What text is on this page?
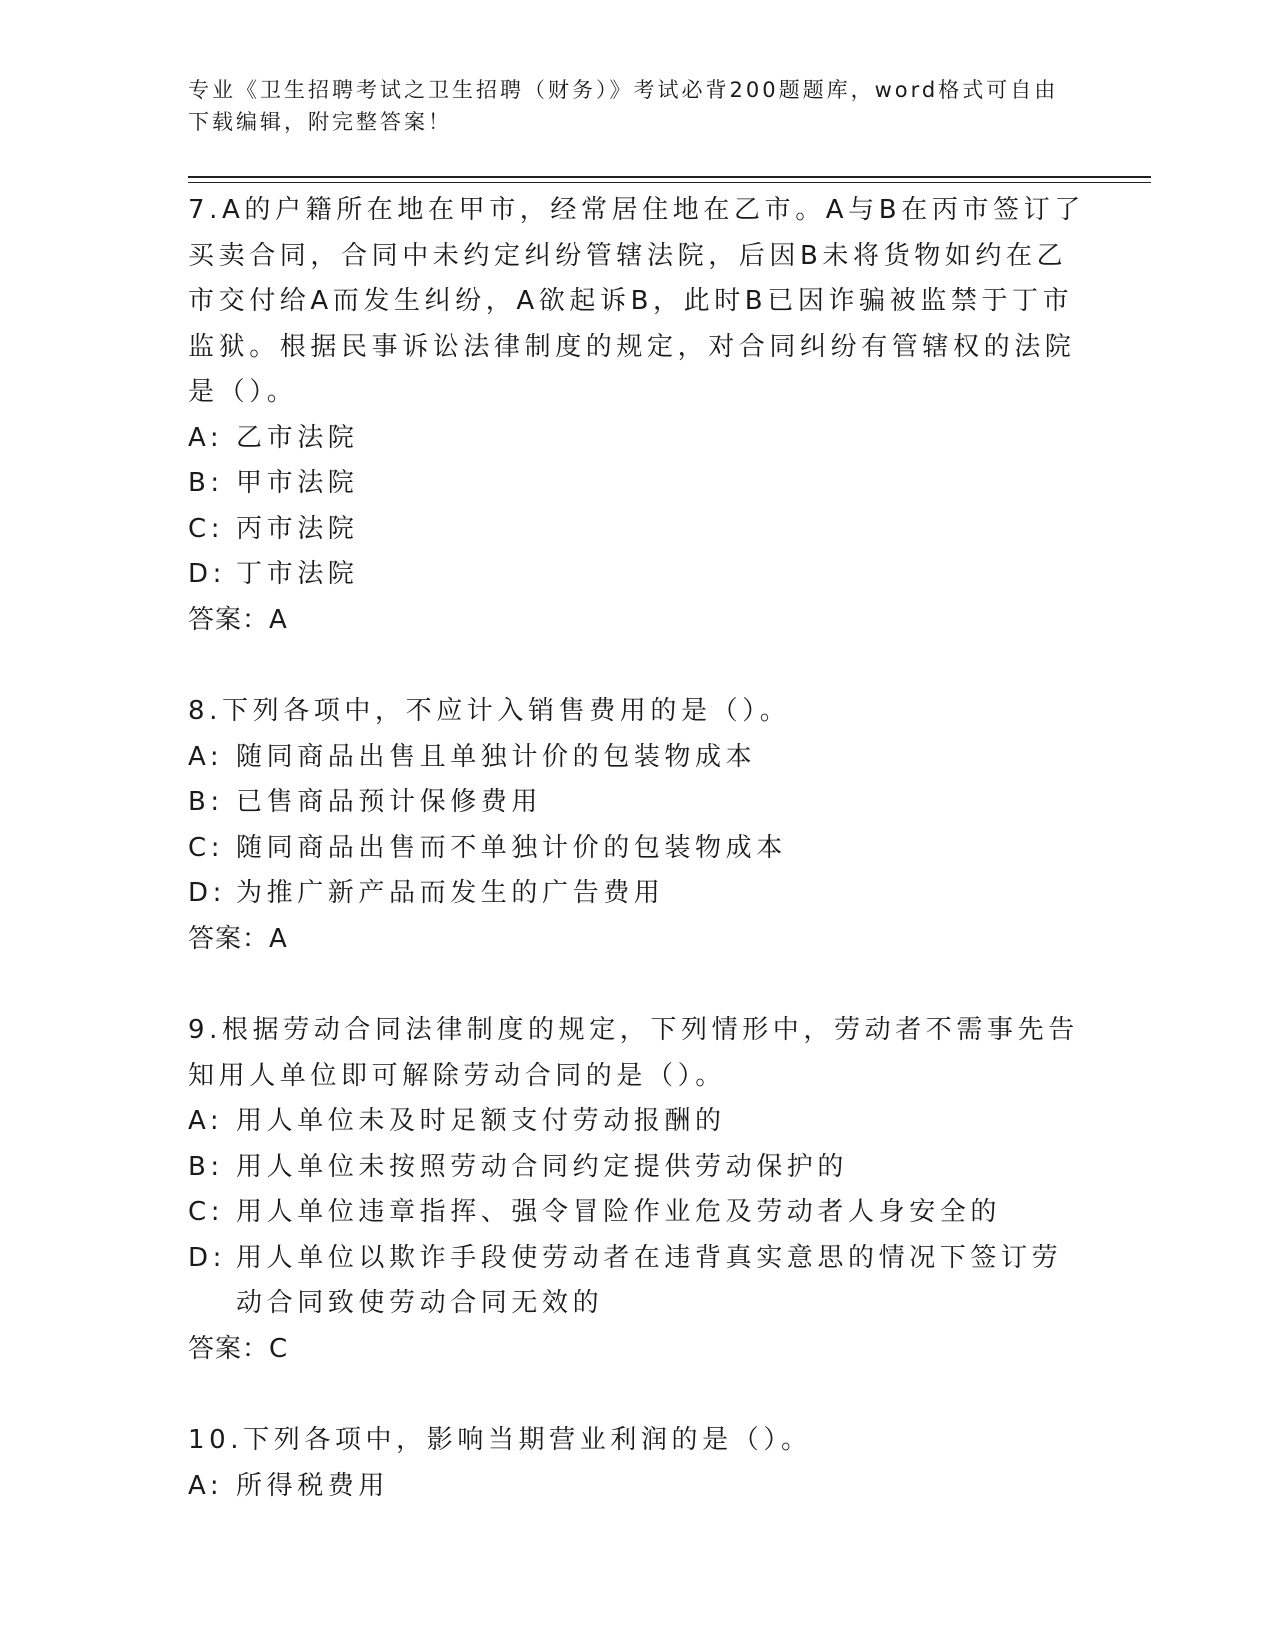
专业《卫生招聘考试之卫生招聘（财务）》考试必背200题题库，word格式可自由下载编辑，附完整答案！
7.A的户籍所在地在甲市，经常居住地在乙市。A与B在丙市签订了买卖合同，合同中未约定纠纷管辖法院，后因B未将货物如约在乙市交付给A而发生纠纷，A欲起诉B，此时B已因诈骗被监禁于丁市监狱。根据民事诉讼法律制度的规定，对合同纠纷有管辖权的法院是（）。
A: 乙市法院
B: 甲市法院
C: 丙市法院
D: 丁市法院
答案：A
8.下列各项中，不应计入销售费用的是（）。
A: 随同商品出售且单独计价的包装物成本
B: 已售商品预计保修费用
C: 随同商品出售而不单独计价的包装物成本
D: 为推广新产品而发生的广告费用
答案：A
9.根据劳动合同法律制度的规定，下列情形中，劳动者不需事先告知用人单位即可解除劳动合同的是（）。
A: 用人单位未及时足额支付劳动报酬的
B: 用人单位未按照劳动合同约定提供劳动保护的
C: 用人单位违章指挥、强令冒险作业危及劳动者人身安全的
D: 用人单位以欺诈手段使劳动者在违背真实意思的情况下签订劳动合同致使劳动合同无效的
答案：C
10.下列各项中，影响当期营业利润的是（）。
A: 所得税费用
